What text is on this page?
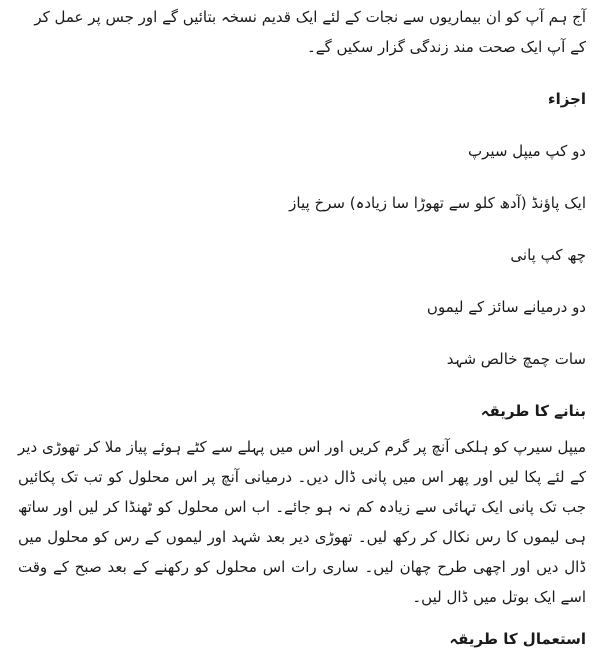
آج ہم آپ کو ان بیماریوں سے نجات کے لئے ایک قدیم نسخہ بتائیں گے اور جس پر عمل کر کے آپ ایک صحت مند زندگی گزار سکیں گے۔

اجزاء
دو کپ میپل سیرپ
ایک پاؤنڈ (آدھ کلو سے تھوڑا سا زیادہ) سرخ پیاز
چھ کپ پانی
دو درمیانے سائز کے لیموں
سات چمچ خالص شہد
بنانے کا طریقہ

میپل سیرپ کو ہلکی آنچ پر گرم کریں اور اس میں پہلے سے کٹے ہوئے پیاز ملا کر تھوڑی دیر کے لئے پکا لیں اور پھر اس میں پانی ڈال دیں۔ درمیانی آنچ پر اس محلول کو تب تک پکائیں جب تک پانی ایک تہائی سے زیادہ کم نہ ہو جائے۔ اب اس محلول کو ٹھنڈا کر لیں اور ساتھ ہی لیموں کا رس نکال کر رکھ لیں۔ تھوڑی دیر بعد شہد اور لیموں کے رس کو محلول میں ڈال دیں اور اچھی طرح چھان لیں۔ ساری رات اس محلول کو رکھنے کے بعد صبح کے وقت اسے ایک بوتل میں ڈال لیں۔

استعمال کا طریقہ
